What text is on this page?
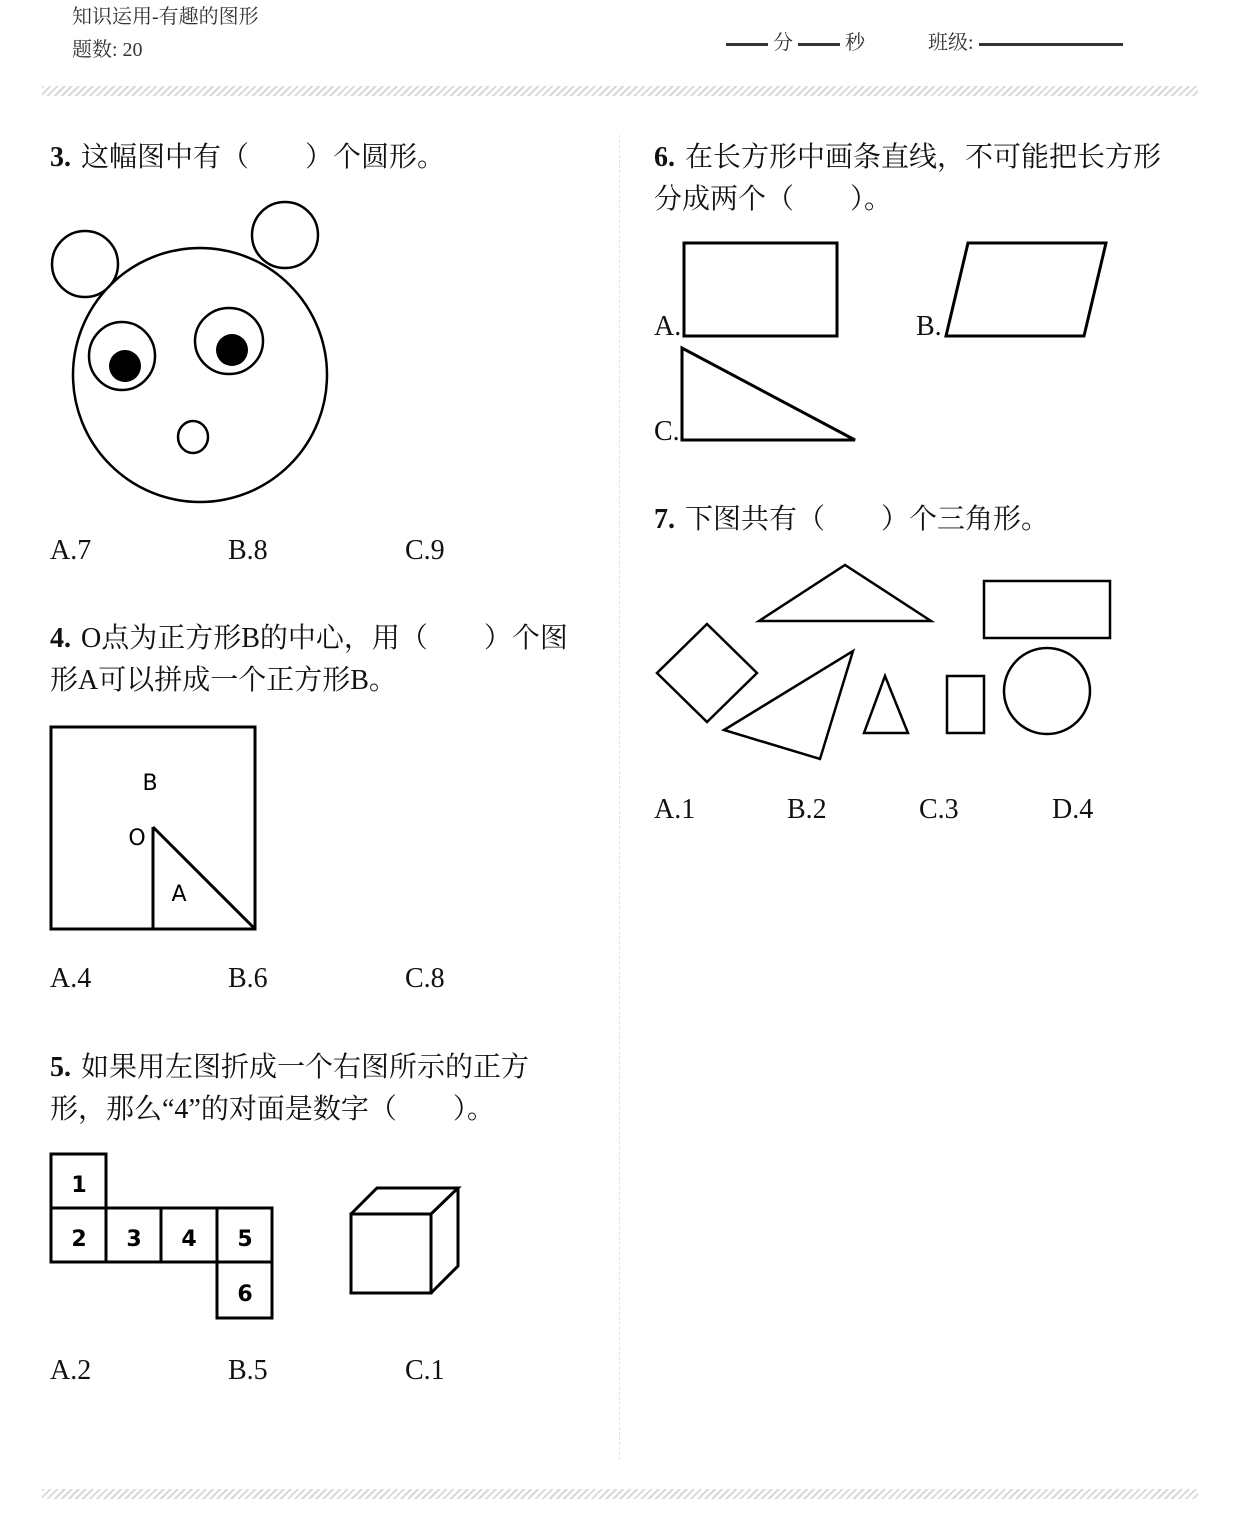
知识运用-有趣的图形
题数: 20	分	秒	班级:
3. 这幅图中有（　　）个圆形。
A.7	B.8	C.9
4. O点为正方形B的中心，用（　　）个图形A可以拼成一个正方形B。
B
O
A
A.4	B.6	C.8
5. 如果用左图折成一个右图所示的正方形，那么“4”的对面是数字（　　）。
1
2 3 4 5
6
A.2	B.5	C.1
6. 在长方形中画条直线，不可能把长方形分成两个（　　）。
A.	B.
C.
7. 下图共有（　　）个三角形。
A.1	B.2	C.3	D.4
